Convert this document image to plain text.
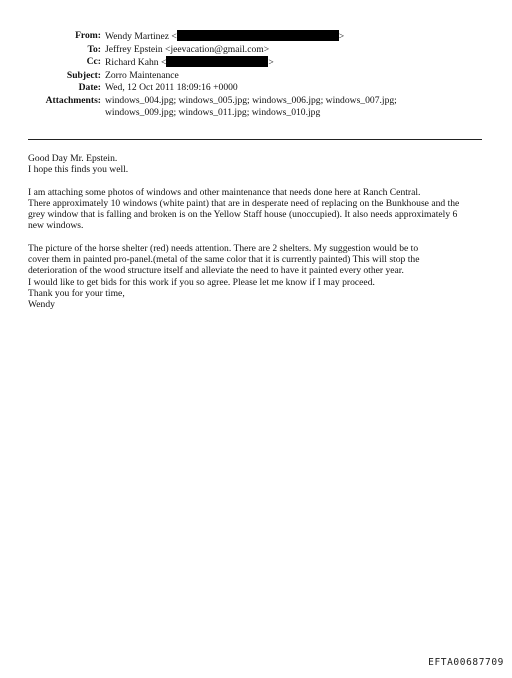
From: Wendy Martinez <	>
To: Jeffrey Epstein <jeevacation@gmail.com>
Cc: Richard Kahn <	>
Subject: Zorro Maintenance
Date: Wed, 12 Oct 2011 18:09:16 +0000
Attachments: windows_004.jpg; windows_005.jpg; windows_006.jpg; windows_007.jpg;
windows_009.jpg; windows_011.jpg; windows_010.jpg

Good Day Mr. Epstein.
I hope this finds you well.

I am attaching some photos of windows and other maintenance that needs done here at Ranch Central.
There approximately 10 windows (white paint) that are in desperate need of replacing on the Bunkhouse and the
grey window that is falling and broken is on the Yellow Staff house (unoccupied). It also needs approximately 6
new windows.

The picture of the horse shelter (red) needs attention. There are 2 shelters. My suggestion would be to
cover them in painted pro-panel.(metal of the same color that it is currently painted) This will stop the
deterioration of the wood structure itself and alleviate the need to have it painted every other year.
I would like to get bids for this work if you so agree. Please let me know if I may proceed.
Thank you for your time,
Wendy

EFTA00687709
